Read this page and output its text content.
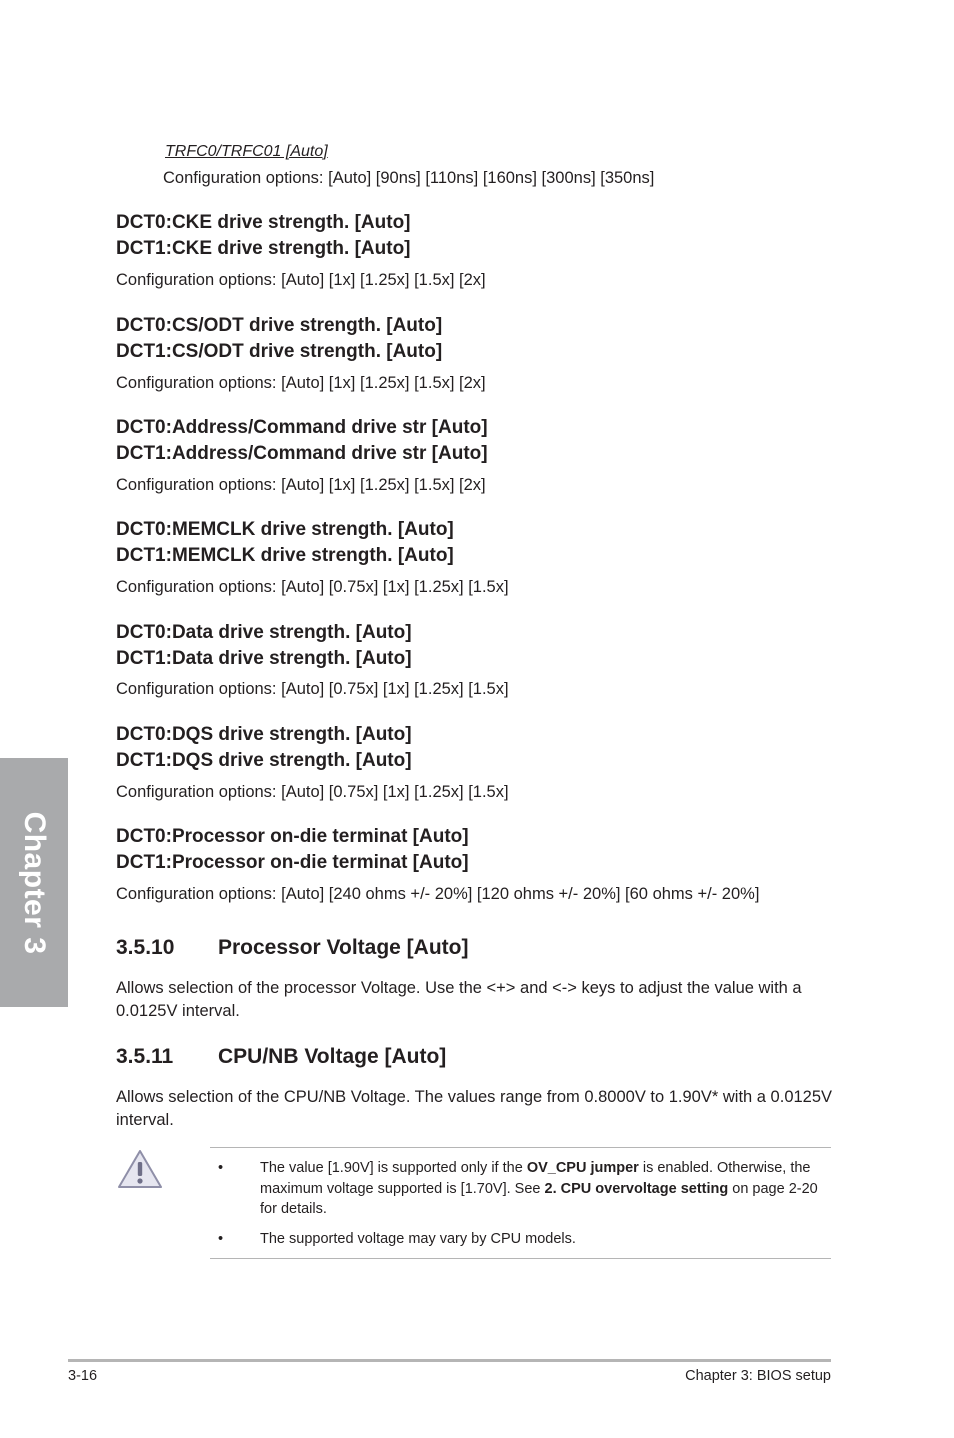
TRFC0/TRFC01 [Auto]
Configuration options: [Auto] [90ns] [110ns] [160ns] [300ns] [350ns]
DCT0:CKE drive strength. [Auto]
DCT1:CKE drive strength. [Auto]
Configuration options: [Auto] [1x] [1.25x] [1.5x] [2x]
DCT0:CS/ODT drive strength. [Auto]
DCT1:CS/ODT drive strength. [Auto]
Configuration options: [Auto] [1x] [1.25x] [1.5x] [2x]
DCT0:Address/Command drive str [Auto]
DCT1:Address/Command drive str [Auto]
Configuration options: [Auto] [1x] [1.25x] [1.5x] [2x]
DCT0:MEMCLK drive strength. [Auto]
DCT1:MEMCLK drive strength. [Auto]
Configuration options: [Auto] [0.75x] [1x] [1.25x] [1.5x]
DCT0:Data drive strength. [Auto]
DCT1:Data drive strength. [Auto]
Configuration options: [Auto] [0.75x] [1x] [1.25x] [1.5x]
DCT0:DQS drive strength. [Auto]
DCT1:DQS drive strength. [Auto]
Configuration options: [Auto] [0.75x] [1x] [1.25x] [1.5x]
DCT0:Processor on-die terminat [Auto]
DCT1:Processor on-die terminat [Auto]
Configuration options: [Auto] [240 ohms +/- 20%] [120 ohms +/- 20%] [60 ohms +/- 20%]
3.5.10 Processor Voltage [Auto]
Allows selection of the processor Voltage. Use the <+> and <-> keys to adjust the value with a 0.0125V interval.
3.5.11 CPU/NB Voltage [Auto]
Allows selection of the CPU/NB Voltage. The values range from 0.8000V to 1.90V* with a 0.0125V interval.
•	The value [1.90V] is supported only if the OV_CPU jumper is enabled. Otherwise, the maximum voltage supported is [1.70V]. See 2. CPU overvoltage setting on page 2-20 for details.
•	The supported voltage may vary by CPU models.
Chapter 3
3-16	Chapter 3: BIOS setup
